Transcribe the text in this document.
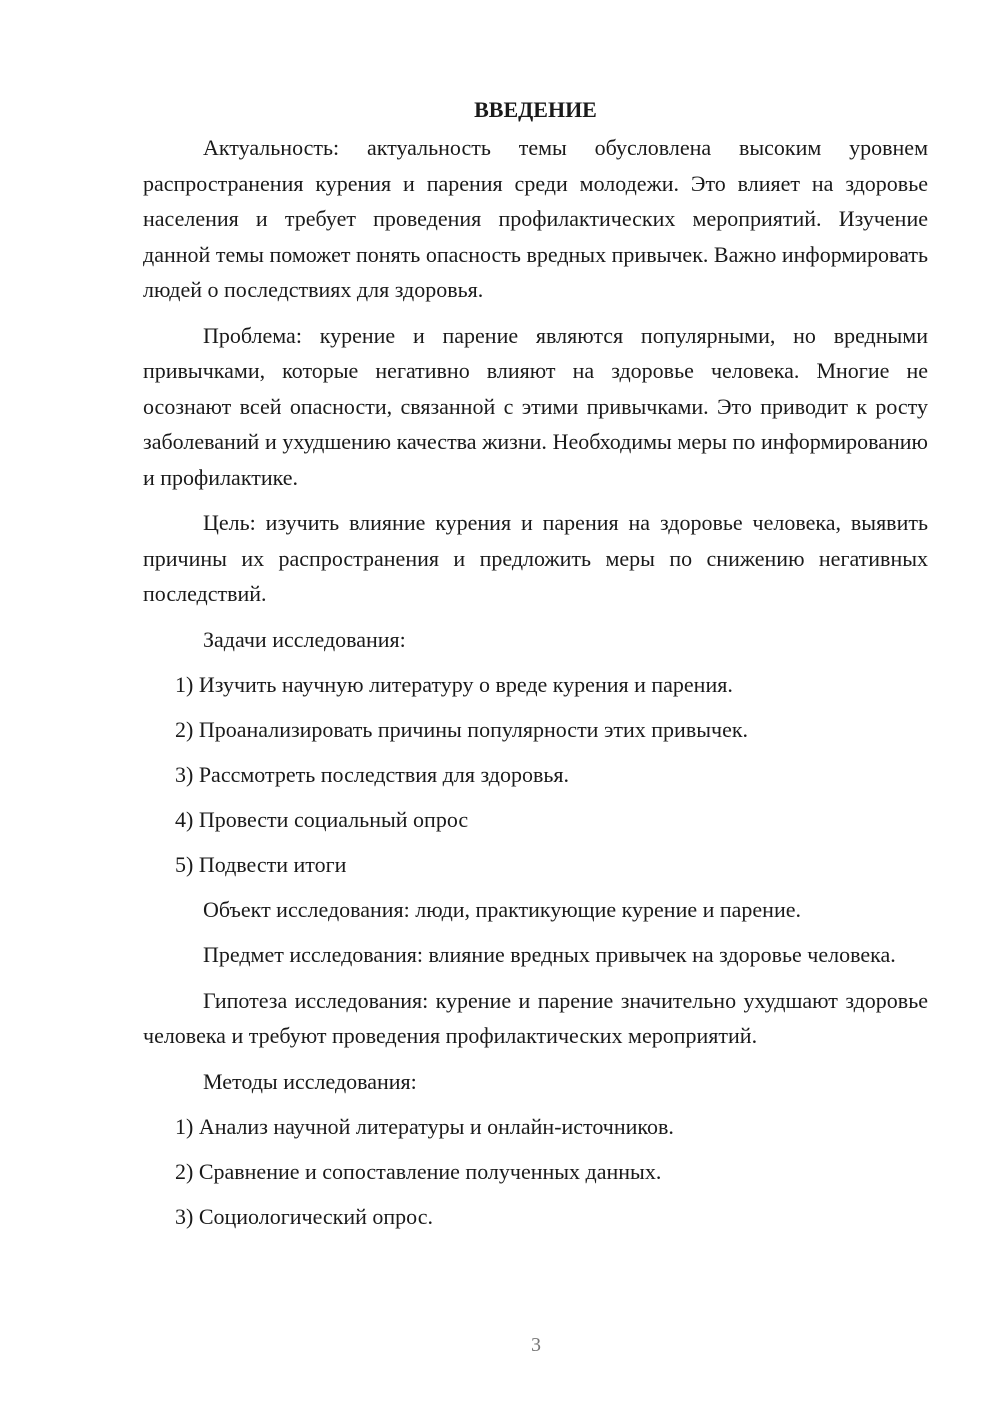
ВВЕДЕНИЕ

Актуальность: актуальность темы обусловлена высоким уровнем распространения курения и парения среди молодежи. Это влияет на здоровье населения и требует проведения профилактических мероприятий. Изучение данной темы поможет понять опасность вредных привычек. Важно информировать людей о последствиях для здоровья.

Проблема: курение и парение являются популярными, но вредными привычками, которые негативно влияют на здоровье человека. Многие не осознают всей опасности, связанной с этими привычками. Это приводит к росту заболеваний и ухудшению качества жизни. Необходимы меры по информированию и профилактике.

Цель: изучить влияние курения и парения на здоровье человека, выявить причины их распространения и предложить меры по снижению негативных последствий.

Задачи исследования:
1) Изучить научную литературу о вреде курения и парения.
2) Проанализировать причины популярности этих привычек.
3) Рассмотреть последствия для здоровья.
4) Провести социальный опрос
5) Подвести итоги

Объект исследования: люди, практикующие курение и парение.

Предмет исследования: влияние вредных привычек на здоровье человека.

Гипотеза исследования: курение и парение значительно ухудшают здоровье человека и требуют проведения профилактических мероприятий.

Методы исследования:
1) Анализ научной литературы и онлайн-источников.
2) Сравнение и сопоставление полученных данных.
3) Социологический опрос.
3
